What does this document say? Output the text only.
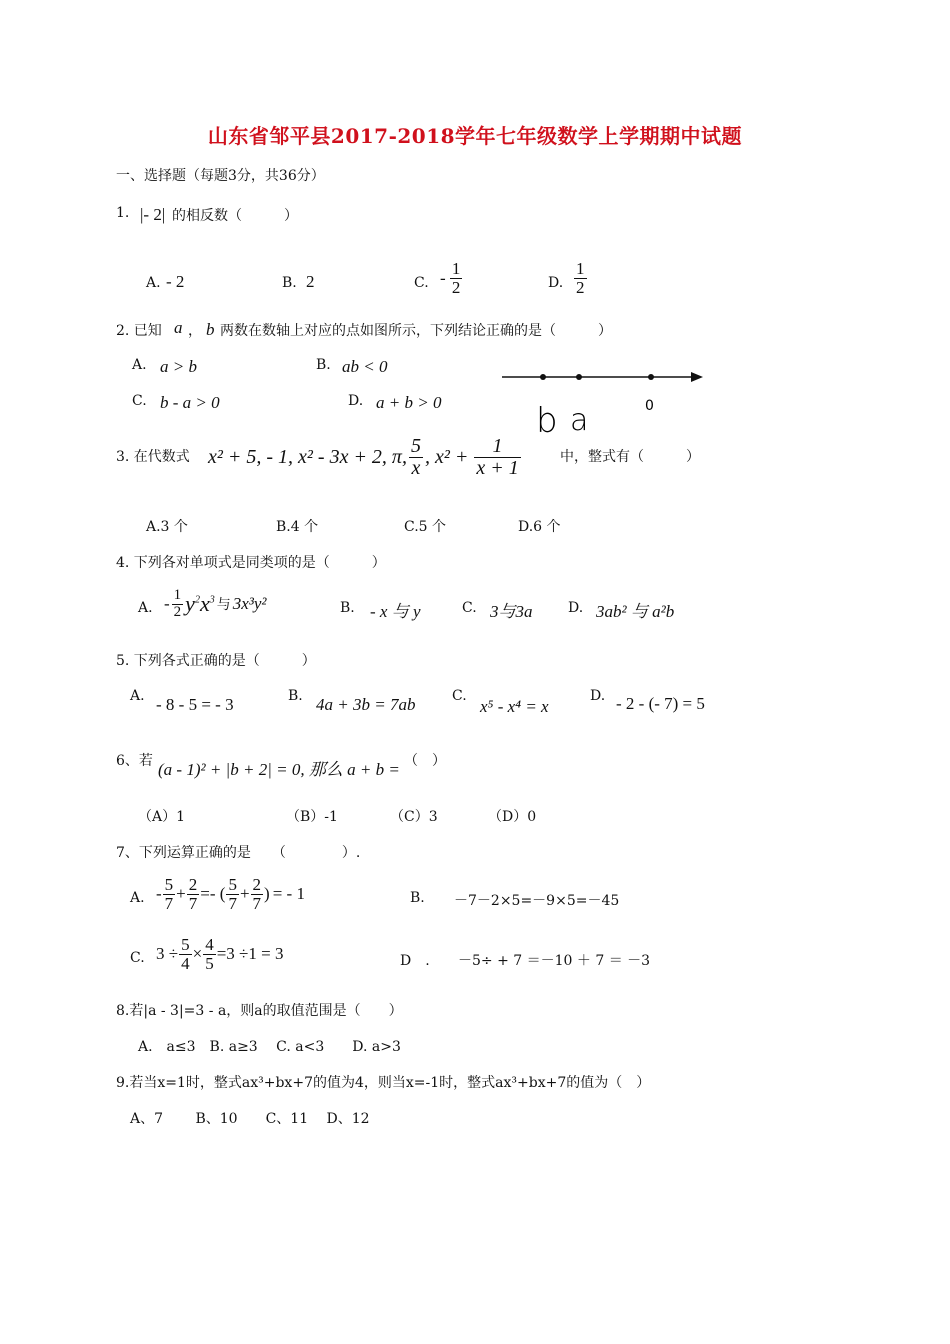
山东省邹平县2017-2018学年七年级数学上学期期中试题
一、选择题（每题3分，共36分）
1. |- 2| 的相反数（　　　）
A. - 2	B. 2	C. - $\frac{1}{2}$	D. $\frac{1}{2}$
2. 已知 a ， b 两数在数轴上对应的点如图所示，下列结论正确的是（　　　）
A. a > b	B. ab < 0
C. b - a > 0	D. a + b > 0	b a	0
3. 在代数式 x² + 5, - 1, x² - 3x + 2, π, $\frac{5}{x}$ , $x^2 + \frac{1}{x + 1}$	中，整式有（　　　）
A.3 个	B.4 个	C.5 个	D.6 个
4. 下列各对单项式是同类项的是（　　　）
A. - $\frac{1}{2} y^2$ $x^3$ 与 3x³y²	B. - x 与 y	C. 3与3a	D. 3ab² 与 a²b
5. 下列各式正确的是（　　　）
A. - 8 - 5 = - 3	B. 4a + 3b = 7ab	C.
x⁵ - x⁴ = x
D. - 2 - (- 7) = 5
6、若 (a - 1)² + |b + 2| = 0, 那么 a + b = （　）
（A）1	（B）-1	（C）3	（D）0
7、下列运算正确的是　　（　　　　）.
A. - $\frac{5}{7} + \frac{2}{7}$ =- ( $\frac{5}{7} + \frac{2}{7}$ ) = - 1	B. －7－2×5=－9×5=－45
C. $3 \div \frac{5}{4} \times \frac{4}{5} =3 \div 1 = 3$	D　. －5÷ + 7 ＝－10 ＋ 7 ＝ －3
8.若|a - 3|=3 - a，则a的取值范围是（　　）
A.　a≤3　B. a≥3　 C. a<3　　D. a>3
9.若当x=1时，整式ax³+bx+7的值为4，则当x=-1时，整式ax³+bx+7的值为（　）
A、7　　 B、10　　C、11　 D、12
